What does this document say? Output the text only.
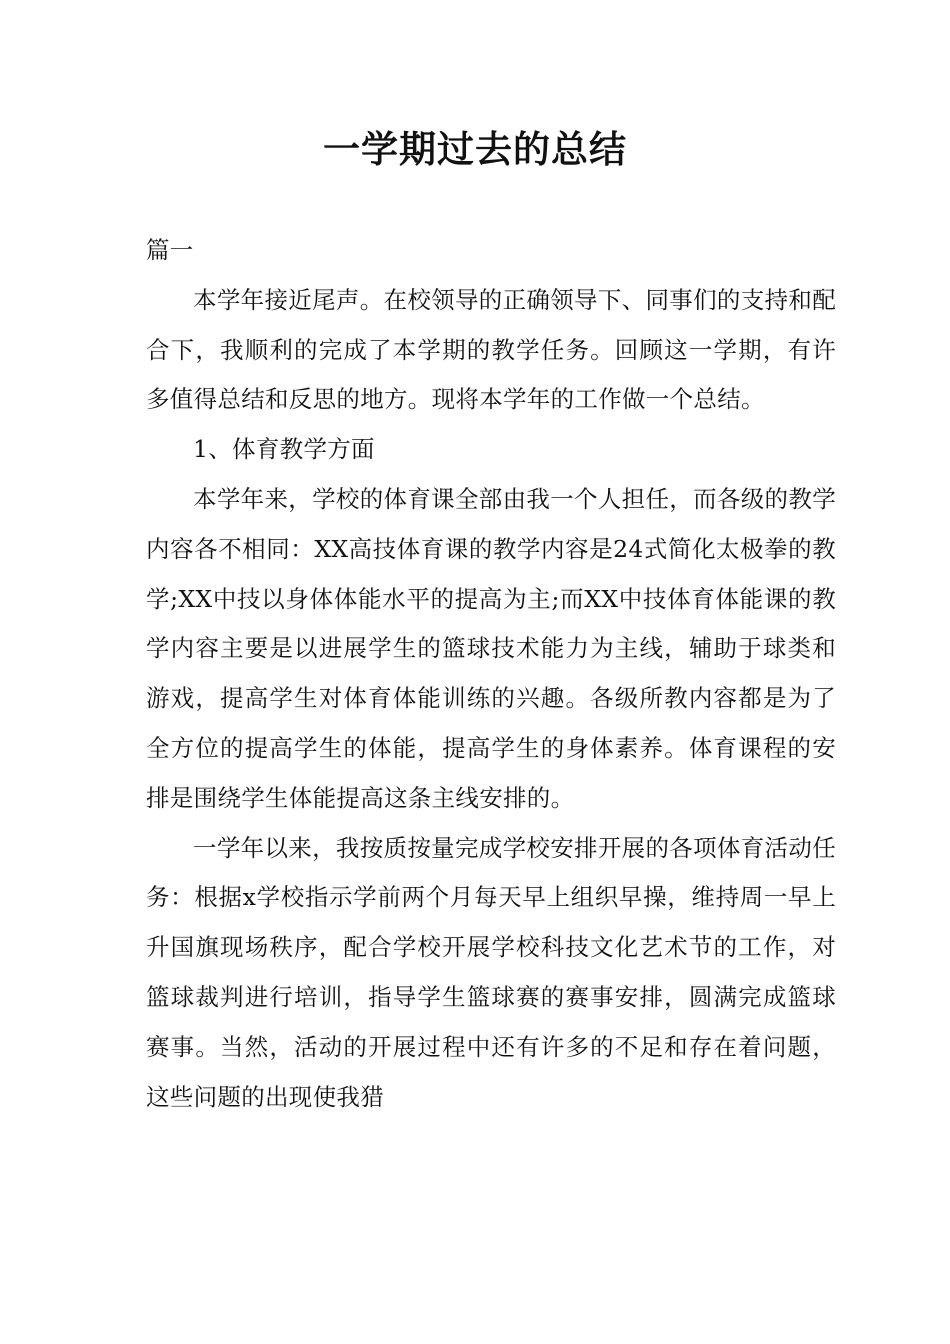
一学期过去的总结

篇一

本学年接近尾声。在校领导的正确领导下、同事们的支持和配合下，我顺利的完成了本学期的教学任务。回顾这一学期，有许多值得总结和反思的地方。现将本学年的工作做一个总结。

1、体育教学方面

本学年来，学校的体育课全部由我一个人担任，而各级的教学内容各不相同：XX高技体育课的教学内容是24式简化太极拳的教学;XX中技以身体体能水平的提高为主;而XX中技体育体能课的教学内容主要是以进展学生的篮球技术能力为主线，辅助于球类和游戏，提高学生对体育体能训练的兴趣。各级所教内容都是为了全方位的提高学生的体能，提高学生的身体素养。体育课程的安排是围绕学生体能提高这条主线安排的。

一学年以来，我按质按量完成学校安排开展的各项体育活动任务：根据x学校指示学前两个月每天早上组织早操，维持周一早上升国旗现场秩序，配合学校开展学校科技文化艺术节的工作，对篮球裁判进行培训，指导学生篮球赛的赛事安排，圆满完成篮球赛事。当然，活动的开展过程中还有许多的不足和存在着问题，这些问题的出现使我猎
